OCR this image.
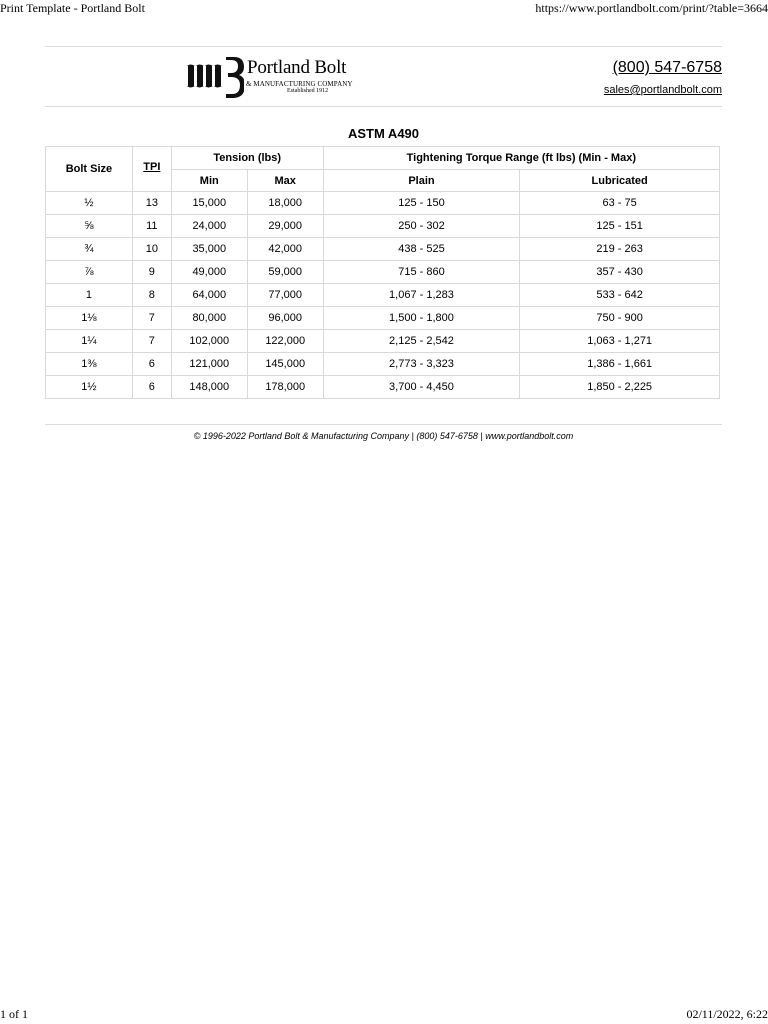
Print Template - Portland Bolt	https://www.portlandbolt.com/print/?table=3664
Portland Bolt
& MANUFACTURING COMPANY
Established 1912
(800) 547-6758
sales@portlandbolt.com
ASTM A490
Bolt Size	TPI	Tension (lbs)		Tightening Torque Range (ft lbs) (Min - Max)	
		Min	Max	Plain	Lubricated
½	13	15,000	18,000	125 - 150	63 - 75
⅝	11	24,000	29,000	250 - 302	125 - 151
¾	10	35,000	42,000	438 - 525	219 - 263
⅞	9	49,000	59,000	715 - 860	357 - 430
1	8	64,000	77,000	1,067 - 1,283	533 - 642
1⅛	7	80,000	96,000	1,500 - 1,800	750 - 900
1¼	7	102,000	122,000	2,125 - 2,542	1,063 - 1,271
1⅜	6	121,000	145,000	2,773 - 3,323	1,386 - 1,661
1½	6	148,000	178,000	3,700 - 4,450	1,850 - 2,225
© 1996-2022 Portland Bolt & Manufacturing Company | (800) 547-6758 | www.portlandbolt.com
1 of 1	02/11/2022, 6:22
